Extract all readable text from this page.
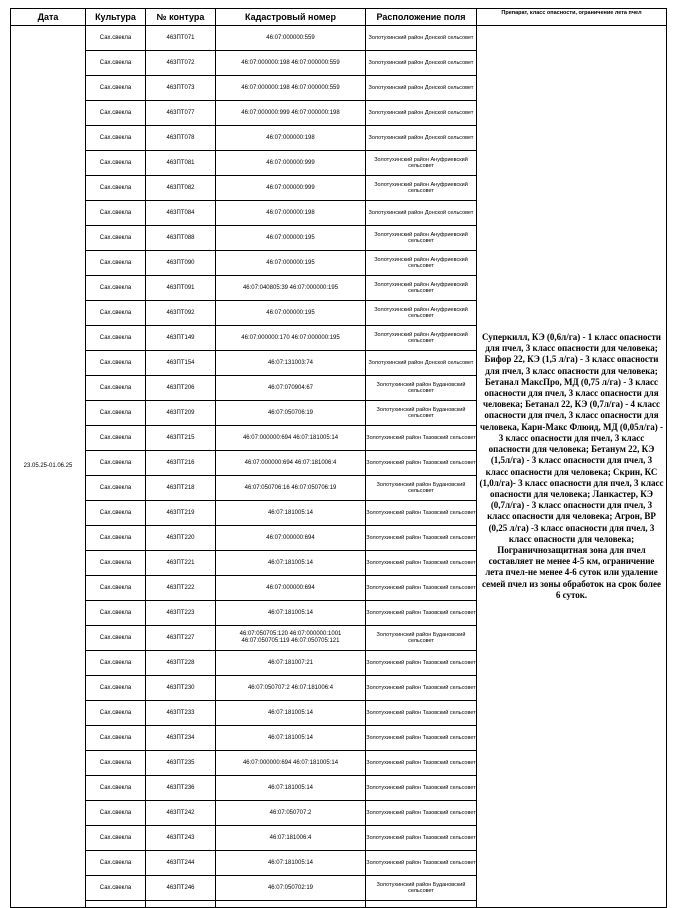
Дата	Культура	№ контура	Кадастровый номер	Расположение поля	Препарат, класс опасности, ограничение лета пчел
23.05.25-01.06.25	Сах.свекла	463ПТ071	46:07:000000:559	Золотухинский район Донской сельсовет	Суперкилл, КЭ (0,6л/га) - 1 класс опасности для пчел, 3 класс опасности для человека; Бифор 22, КЭ (1,5 л/га) - 3 класс опасности для пчел, 3 класс опасности для человека; Бетанал МаксПро, МД (0,75 л/га) - 3 класс опасности для пчел, 3 класс опасности для человека; Бетанал 22, КЭ (0,7л/га) - 4 класс опасности для пчел, 3 класс опасности для человека, Кари-Макс Флюид, МД (0,05л/га) - 3 класс опасности для пчел, 3 класс опасности для человека; Бетанум 22, КЭ (1,5л/га) - 3 класс опасности для пчел, 3 класс опасности для человека; Скрин, КС (1,0л/га)- 3 класс опасности для пчел, 3 класс опасности для человека; Ланкастер, КЭ (0,7л/га) - 3 класс опасности для пчел, 3 класс опасности для человека; Агрон, ВР (0,25 л/га) -3 класс опасности для пчел, 3 класс опасности для человека; Пограничнозащитная зона для пчел составляет не менее 4-5 км, ограничение лета пчел-не менее 4-6 суток или удаление семей пчел из зоны обработок на срок более 6 суток.
	Сах.свекла	463ПТ072	46:07:000000:198 46:07:000000:559	Золотухинский район Донской сельсовет	
	Сах.свекла	463ПТ073	46:07:000000:198 46:07:000000:559	Золотухинский район Донской сельсовет	
	Сах.свекла	463ПТ077	46:07:000000:999 46:07:000000:198	Золотухинский район Донской сельсовет	
	Сах.свекла	463ПТ078	46:07:000000:198	Золотухинский район Донской сельсовет	
	Сах.свекла	463ПТ081	46:07:000000:999	Золотухинский район Ануфриевский сельсовет	
	Сах.свекла	463ПТ082	46:07:000000:999	Золотухинский район Ануфриевский сельсовет	
	Сах.свекла	463ПТ084	46:07:000000:198	Золотухинский район Донской сельсовет	
	Сах.свекла	463ПТ088	46:07:000000:195	Золотухинский район Ануфриевский сельсовет	
	Сах.свекла	463ПТ090	46:07:000000:195	Золотухинский район Ануфриевский сельсовет	
	Сах.свекла	463ПТ091	46:07:040805:39 46:07:000000:195	Золотухинский район Ануфриевский сельсовет	
	Сах.свекла	463ПТ092	46:07:000000:195	Золотухинский район Ануфриевский сельсовет	
	Сах.свекла	463ПТ149	46:07:000000:170 46:07:000000:195	Золотухинский район Ануфриевский сельсовет	
	Сах.свекла	463ПТ154	46:07:131003:74	Золотухинский район Донской сельсовет	
	Сах.свекла	463ПТ206	46:07:070904:67	Золотухинский район Будановский сельсовет	
	Сах.свекла	463ПТ209	46:07:050706:19	Золотухинский район Будановский сельсовет	
	Сах.свекла	463ПТ215	46:07:000000:694 46:07:181005:14	Золотухинский район Тазовский сельсовет	
	Сах.свекла	463ПТ216	46:07:000000:694 46:07:181006:4	Золотухинский район Тазовский сельсовет	
	Сах.свекла	463ПТ218	46:07:050706:16 46:07:050706:19	Золотухинский район Будановский сельсовет	
	Сах.свекла	463ПТ219	46:07:181005:14	Золотухинский район Тазовский сельсовет	
	Сах.свекла	463ПТ220	46:07:000000:694	Золотухинский район Тазовский сельсовет	
	Сах.свекла	463ПТ221	46:07:181005:14	Золотухинский район Тазовский сельсовет	
	Сах.свекла	463ПТ222	46:07:000000:694	Золотухинский район Тазовский сельсовет	
	Сах.свекла	463ПТ223	46:07:181005:14	Золотухинский район Тазовский сельсовет	
	Сах.свекла	463ПТ227	46:07:050705:120 46:07:000000:1001 46:07:050705:119 46:07:050705:121	Золотухинский район Будановский сельсовет	
	Сах.свекла	463ПТ228	46:07:181007:21	Золотухинский район Тазовский сельсовет	
	Сах.свекла	463ПТ230	46:07:050707:2 46:07:181006:4	Золотухинский район Тазовский сельсовет	
	Сах.свекла	463ПТ233	46:07:181005:14	Золотухинский район Тазовский сельсовет	
	Сах.свекла	463ПТ234	46:07:181005:14	Золотухинский район Тазовский сельсовет	
	Сах.свекла	463ПТ235	46:07:000000:694 46:07:181005:14	Золотухинский район Тазовский сельсовет	
	Сах.свекла	463ПТ236	46:07:181005:14	Золотухинский район Тазовский сельсовет	
	Сах.свекла	463ПТ242	46:07:050707:2	Золотухинский район Тазовский сельсовет	
	Сах.свекла	463ПТ243	46:07:181006:4	Золотухинский район Тазовский сельсовет	
	Сах.свекла	463ПТ244	46:07:181005:14	Золотухинский район Тазовский сельсовет	
	Сах.свекла	463ПТ246	46:07:050702:19	Золотухинский район Будановский сельсовет	
